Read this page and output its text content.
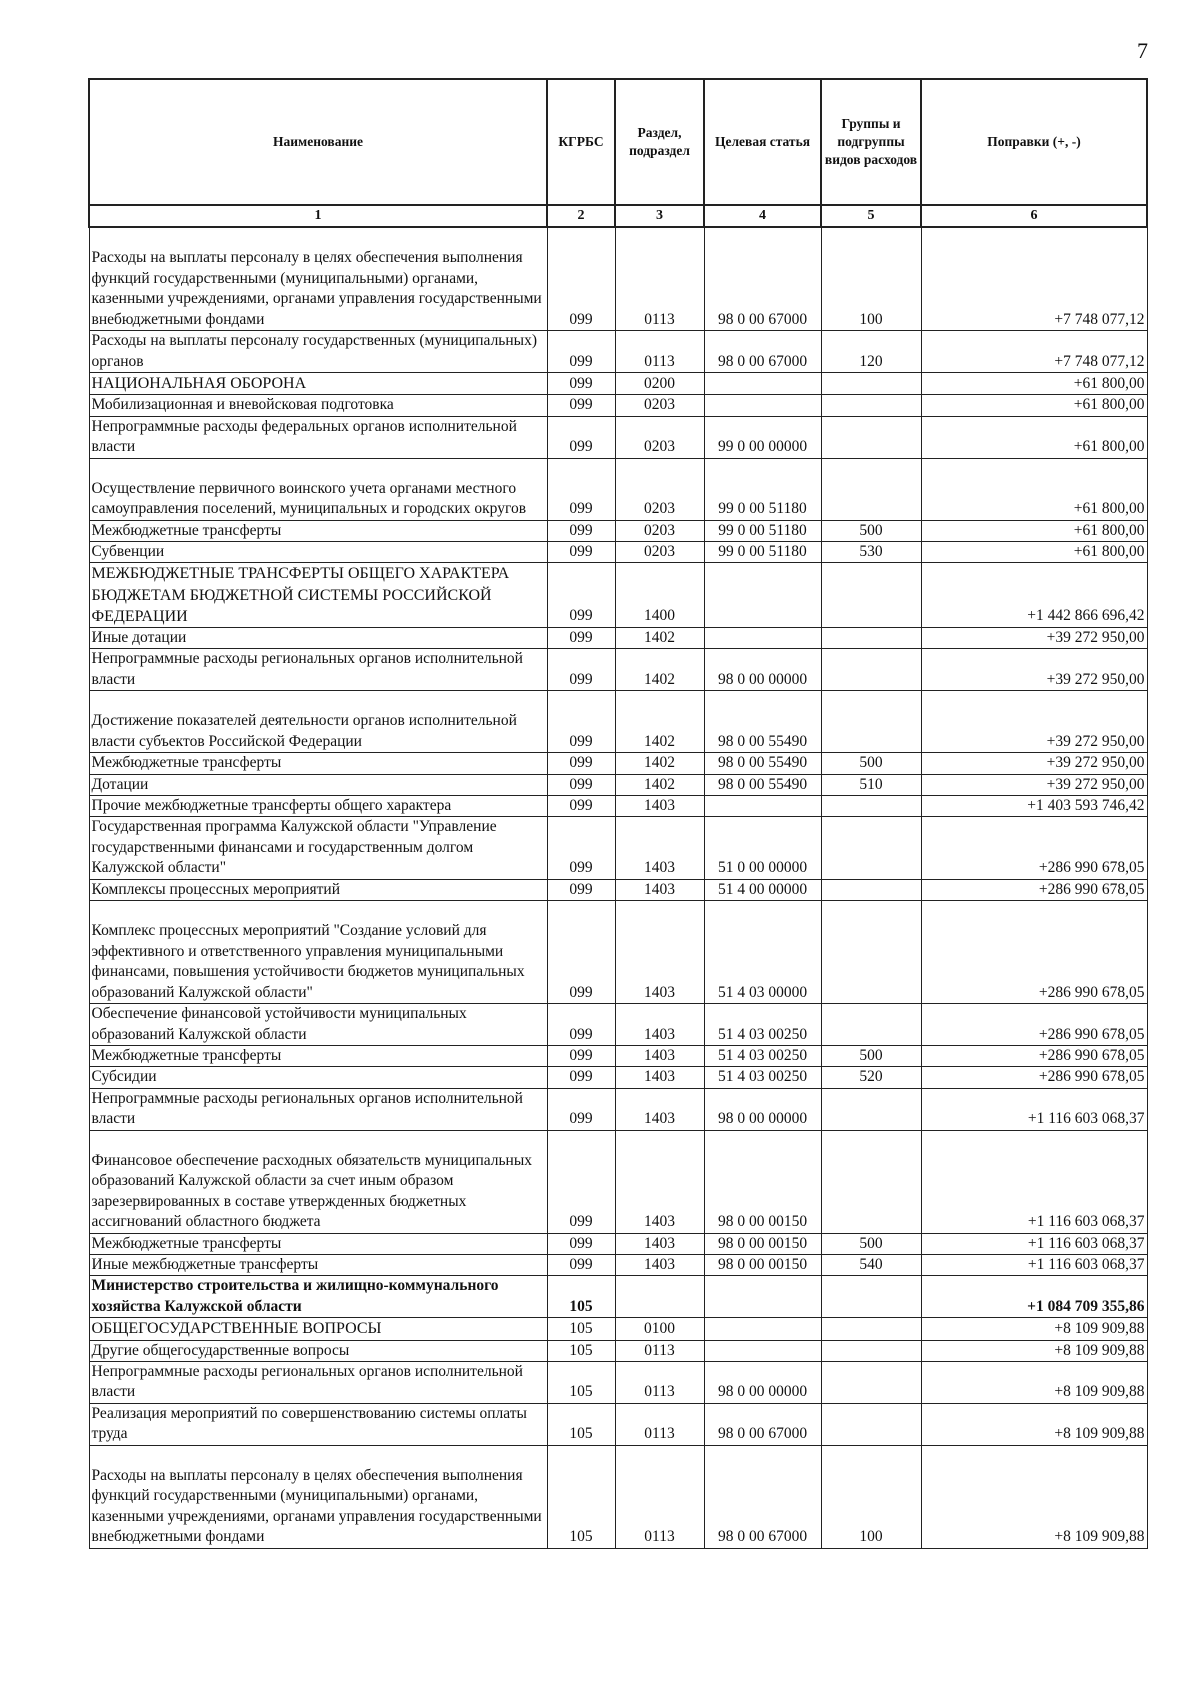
7
Наименование	КГРБС	Раздел, подраздел	Целевая статья	Группы и подгруппы видов расходов	Поправки (+, -)
1	2	3	4	5	6
Расходы на выплаты персоналу в целях обеспечения выполнения функций государственными (муниципальными) органами, казенными учреждениями, органами управления государственными внебюджетными фондами	099	0113	98 0 00 67000	100	+7 748 077,12
Расходы на выплаты персоналу государственных (муниципальных) органов	099	0113	98 0 00 67000	120	+7 748 077,12
НАЦИОНАЛЬНАЯ ОБОРОНА	099	0200			+61 800,00
Мобилизационная и вневойсковая подготовка	099	0203			+61 800,00
Непрограммные расходы федеральных органов исполнительной власти	099	0203	99 0 00 00000		+61 800,00
Осуществление первичного воинского учета органами местного самоуправления поселений, муниципальных и городских округов	099	0203	99 0 00 51180		+61 800,00
Межбюджетные трансферты	099	0203	99 0 00 51180	500	+61 800,00
Субвенции	099	0203	99 0 00 51180	530	+61 800,00
МЕЖБЮДЖЕТНЫЕ ТРАНСФЕРТЫ ОБЩЕГО ХАРАКТЕРА БЮДЖЕТАМ БЮДЖЕТНОЙ СИСТЕМЫ РОССИЙСКОЙ ФЕДЕРАЦИИ	099	1400			+1 442 866 696,42
Иные дотации	099	1402			+39 272 950,00
Непрограммные расходы региональных органов исполнительной власти	099	1402	98 0 00 00000		+39 272 950,00
Достижение показателей деятельности органов исполнительной власти субъектов Российской Федерации	099	1402	98 0 00 55490		+39 272 950,00
Межбюджетные трансферты	099	1402	98 0 00 55490	500	+39 272 950,00
Дотации	099	1402	98 0 00 55490	510	+39 272 950,00
Прочие межбюджетные трансферты общего характера	099	1403			+1 403 593 746,42
Государственная программа Калужской области "Управление государственными финансами и государственным долгом Калужской области"	099	1403	51 0 00 00000		+286 990 678,05
Комплексы процессных мероприятий	099	1403	51 4 00 00000		+286 990 678,05
Комплекс процессных мероприятий "Создание условий для эффективного и ответственного управления муниципальными финансами, повышения устойчивости бюджетов муниципальных образований Калужской области"	099	1403	51 4 03 00000		+286 990 678,05
Обеспечение финансовой устойчивости муниципальных образований Калужской области	099	1403	51 4 03 00250		+286 990 678,05
Межбюджетные трансферты	099	1403	51 4 03 00250	500	+286 990 678,05
Субсидии	099	1403	51 4 03 00250	520	+286 990 678,05
Непрограммные расходы региональных органов исполнительной власти	099	1403	98 0 00 00000		+1 116 603 068,37
Финансовое обеспечение расходных обязательств муниципальных образований Калужской области за счет иным образом зарезервированных в составе утвержденных бюджетных ассигнований областного бюджета	099	1403	98 0 00 00150		+1 116 603 068,37
Межбюджетные трансферты	099	1403	98 0 00 00150	500	+1 116 603 068,37
Иные межбюджетные трансферты	099	1403	98 0 00 00150	540	+1 116 603 068,37
Министерство строительства и жилищно-коммунального хозяйства Калужской области	105				+1 084 709 355,86
ОБЩЕГОСУДАРСТВЕННЫЕ ВОПРОСЫ	105	0100			+8 109 909,88
Другие общегосударственные вопросы	105	0113			+8 109 909,88
Непрограммные расходы региональных органов исполнительной власти	105	0113	98 0 00 00000		+8 109 909,88
Реализация мероприятий по совершенствованию системы оплаты труда	105	0113	98 0 00 67000		+8 109 909,88
Расходы на выплаты персоналу в целях обеспечения выполнения функций государственными (муниципальными) органами, казенными учреждениями, органами управления государственными внебюджетными фондами	105	0113	98 0 00 67000	100	+8 109 909,88
